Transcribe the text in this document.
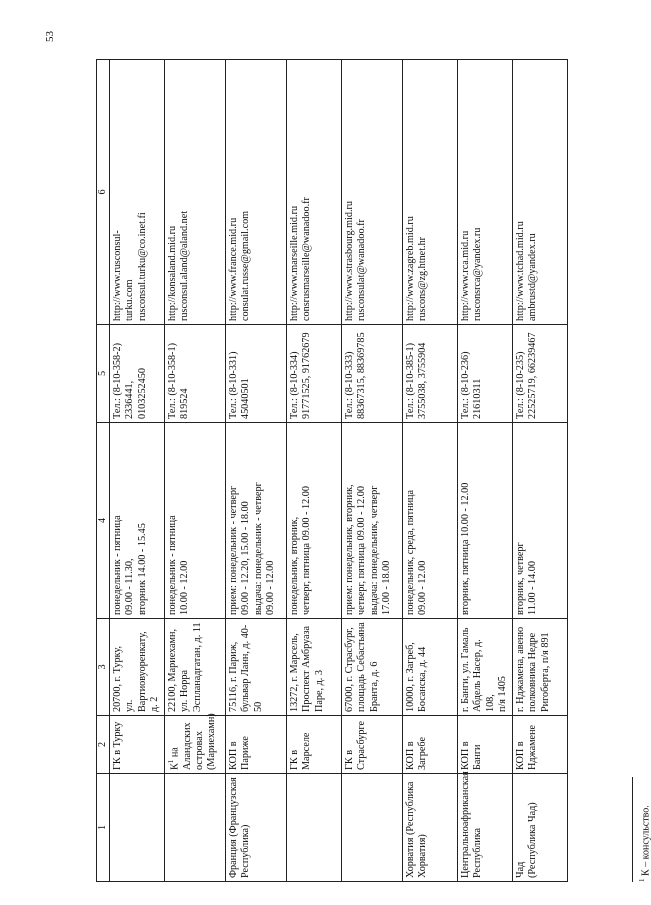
53
1	2	3	4	5	6
	ГК в Турку	20700, г. Турку,
ул. Вартиовуоренкату,
д. 2	понедельник - пятница
09.00 - 11.30,
вторник 14.00 - 15.45	Тел.: (8-10-358-2)
2336441, 0103252450	http://www.rusconsul-
turku.com
rusconsul.turku@co.inet.fi
	$К^1$ на
Аландских
островах
(Мариехамн)	22100, Мариехамн,
ул. Норра
Эспланадгатан, д. 11	понедельник - пятница
10.00 - 12.00	Тел.: (8-10-358-1) 819524	http://konsaland.mid.ru
rusconsul.aland@aland.net
Франция (Французская
Республика)	КОП в Париже	75116, г. Париж,
бульвар Ланн, д. 40-50	прием: понедельник - четверг
09.00 - 12.20, 15.00 - 18.00
выдача: понедельник - четверг
09.00 - 12.00	Тел.: (8-10-331) 45040501	http://www.france.mid.ru
consulat.russe@gmail.com
	ГК в Марселе	13272, г. Марсель,
Проспект Амбруаза
Паре, д. 3	понедельник, вторник,
четверг, пятница 09.00 - 12.00	Тел.: (8-10-334)
91771525, 91762679	http://www.marseille.mid.ru
consrusmarseille@wanadoo.fr
	ГК в
Страсбурге	67000, г. Страсбург,
площадь Себастьяна
Бранта, д. 6	прием: понедельник, вторник,
четверг, пятница 09.00 - 12.00
выдача: понедельник, четверг
17.00 - 18.00	Тел.: (8-10-333)
88367315, 88369785	http://www.strasbourg.mid.ru
rusconsulat@wanadoo.fr
Хорватия (Республика
Хорватия)	КОП в Загребе	10000, г. Загреб,
Босанска, д. 44	понедельник, среда, пятница
09.00 - 12.00	Тел.: (8-10-385-1)
3755038, 3755904	http://www.zagreb.mid.ru
ruscons@zg.htnet.hr
Центральноафриканская
Республика	КОП в Банги	г. Банги, ул. Гамаль
Абдель Насер, д. 108,
п/я 1405	вторник, пятница 10.00 - 12.00	Тел.: (8-10-236)
21610311	http://www.rca.mid.ru
rusconsrca@yandex.ru
Чад
(Республика Чад)	КОП в
Нджамене	г. Нджамена, авеню
полковника Недре
Ригоберта, п/я 891	вторник, четверг
11.00 - 14.00	Тел.: (8-10-235)
22525719, 66239467	http://www.tchad.mid.ru
ambrustd@yandex.ru
$^1$ К – консульство.
